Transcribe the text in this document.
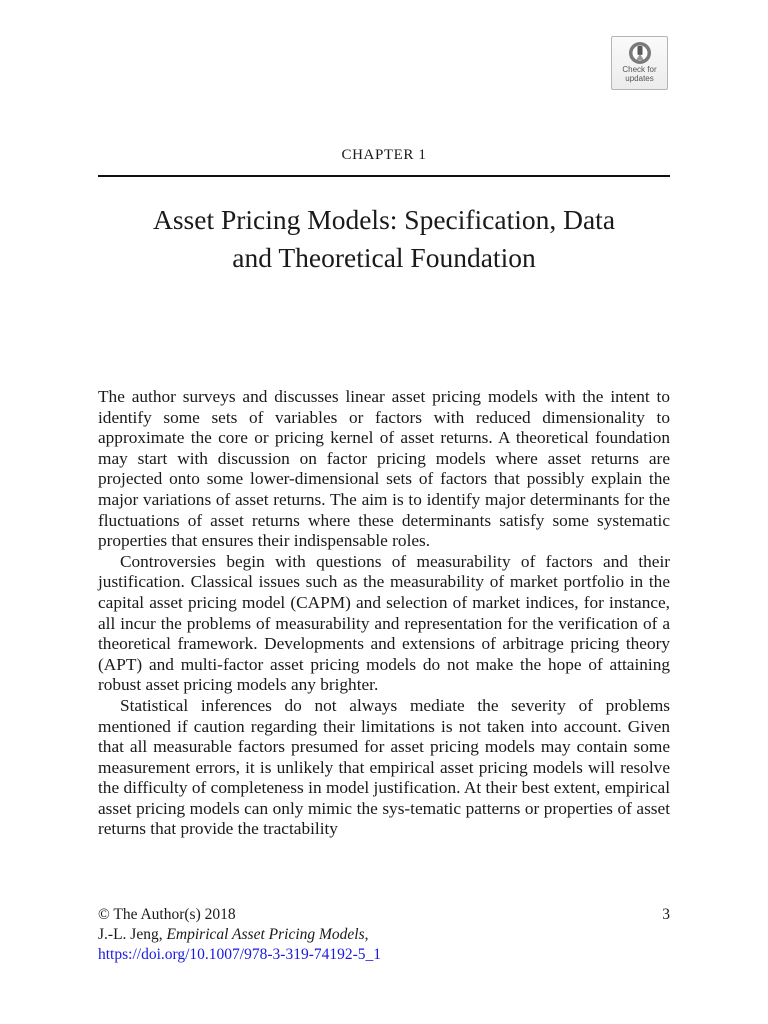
Check for
updates
CHAPTER 1
Asset Pricing Models: Specification, Data
and Theoretical Foundation

The author surveys and discusses linear asset pricing models with the intent to identify some sets of variables or factors with reduced dimensionality to approximate the core or pricing kernel of asset returns. A theoretical foundation may start with discussion on factor pricing models where asset returns are projected onto some lower-dimensional sets of factors that possibly explain the major variations of asset returns. The aim is to identify major determinants for the fluctuations of asset returns where these determinants satisfy some systematic properties that ensures their indispensable roles.

Controversies begin with questions of measurability of factors and their justification. Classical issues such as the measurability of market portfolio in the capital asset pricing model (CAPM) and selection of market indices, for instance, all incur the problems of measurability and representation for the verification of a theoretical framework. Developments and extensions of arbitrage pricing theory (APT) and multi-factor asset pricing models do not make the hope of attaining robust asset pricing models any brighter.

Statistical inferences do not always mediate the severity of problems mentioned if caution regarding their limitations is not taken into account. Given that all measurable factors presumed for asset pricing models may contain some measurement errors, it is unlikely that empirical asset pricing models will resolve the difficulty of completeness in model justification. At their best extent, empirical asset pricing models can only mimic the sys-tematic patterns or properties of asset returns that provide the tractability

© The Author(s) 2018	3
J.-L. Jeng, Empirical Asset Pricing Models,
https://doi.org/10.1007/978-3-319-74192-5_1
